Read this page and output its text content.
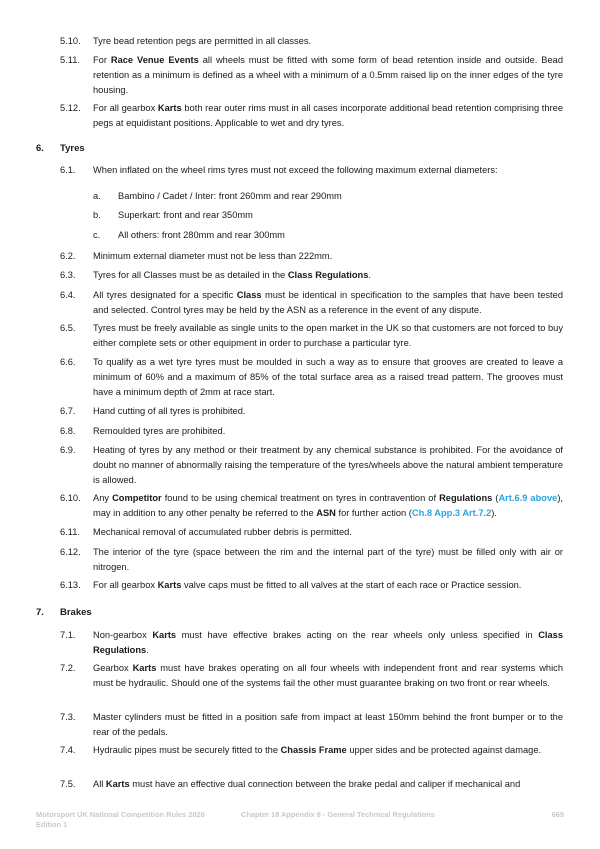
5.10. Tyre bead retention pegs are permitted in all classes.
5.11. For Race Venue Events all wheels must be fitted with some form of bead retention inside and outside. Bead retention as a minimum is defined as a wheel with a minimum of a 0.5mm raised lip on the inner edges of the tyre housing.
5.12. For all gearbox Karts both rear outer rims must in all cases incorporate additional bead retention comprising three pegs at equidistant positions. Applicable to wet and dry tyres.
6. Tyres
6.1. When inflated on the wheel rims tyres must not exceed the following maximum external diameters:
a. Bambino / Cadet / Inter: front 260mm and rear 290mm
b. Superkart: front and rear 350mm
c. All others: front 280mm and rear 300mm
6.2. Minimum external diameter must not be less than 222mm.
6.3. Tyres for all Classes must be as detailed in the Class Regulations.
6.4. All tyres designated for a specific Class must be identical in specification to the samples that have been tested and selected. Control tyres may be held by the ASN as a reference in the event of any dispute.
6.5. Tyres must be freely available as single units to the open market in the UK so that customers are not forced to buy either complete sets or other equipment in order to purchase a particular tyre.
6.6. To qualify as a wet tyre tyres must be moulded in such a way as to ensure that grooves are created to leave a minimum of 60% and a maximum of 85% of the total surface area as a raised tread pattern. The grooves must have a minimum depth of 2mm at race start.
6.7. Hand cutting of all tyres is prohibited.
6.8. Remoulded tyres are prohibited.
6.9. Heating of tyres by any method or their treatment by any chemical substance is prohibited. For the avoidance of doubt no manner of abnormally raising the temperature of the tyres/wheels above the natural ambient temperature is allowed.
6.10. Any Competitor found to be using chemical treatment on tyres in contravention of Regulations (Art.6.9 above), may in addition to any other penalty be referred to the ASN for further action (Ch.8 App.3 Art.7.2).
6.11. Mechanical removal of accumulated rubber debris is permitted.
6.12. The interior of the tyre (space between the rim and the internal part of the tyre) must be filled only with air or nitrogen.
6.13. For all gearbox Karts valve caps must be fitted to all valves at the start of each race or Practice session.
7. Brakes
7.1. Non-gearbox Karts must have effective brakes acting on the rear wheels only unless specified in Class Regulations.
7.2. Gearbox Karts must have brakes operating on all four wheels with independent front and rear systems which must be hydraulic. Should one of the systems fail the other must guarantee braking on two front or rear wheels.
7.3. Master cylinders must be fitted in a position safe from impact at least 150mm behind the front bumper or to the rear of the pedals.
7.4. Hydraulic pipes must be securely fitted to the Chassis Frame upper sides and be protected against damage.
7.5. All Karts must have an effective dual connection between the brake pedal and caliper if mechanical and
Motorsport UK National Competition Rules 2026
Edition 1
Chapter 18 Appendix 8 - General Technical Regulations	669
